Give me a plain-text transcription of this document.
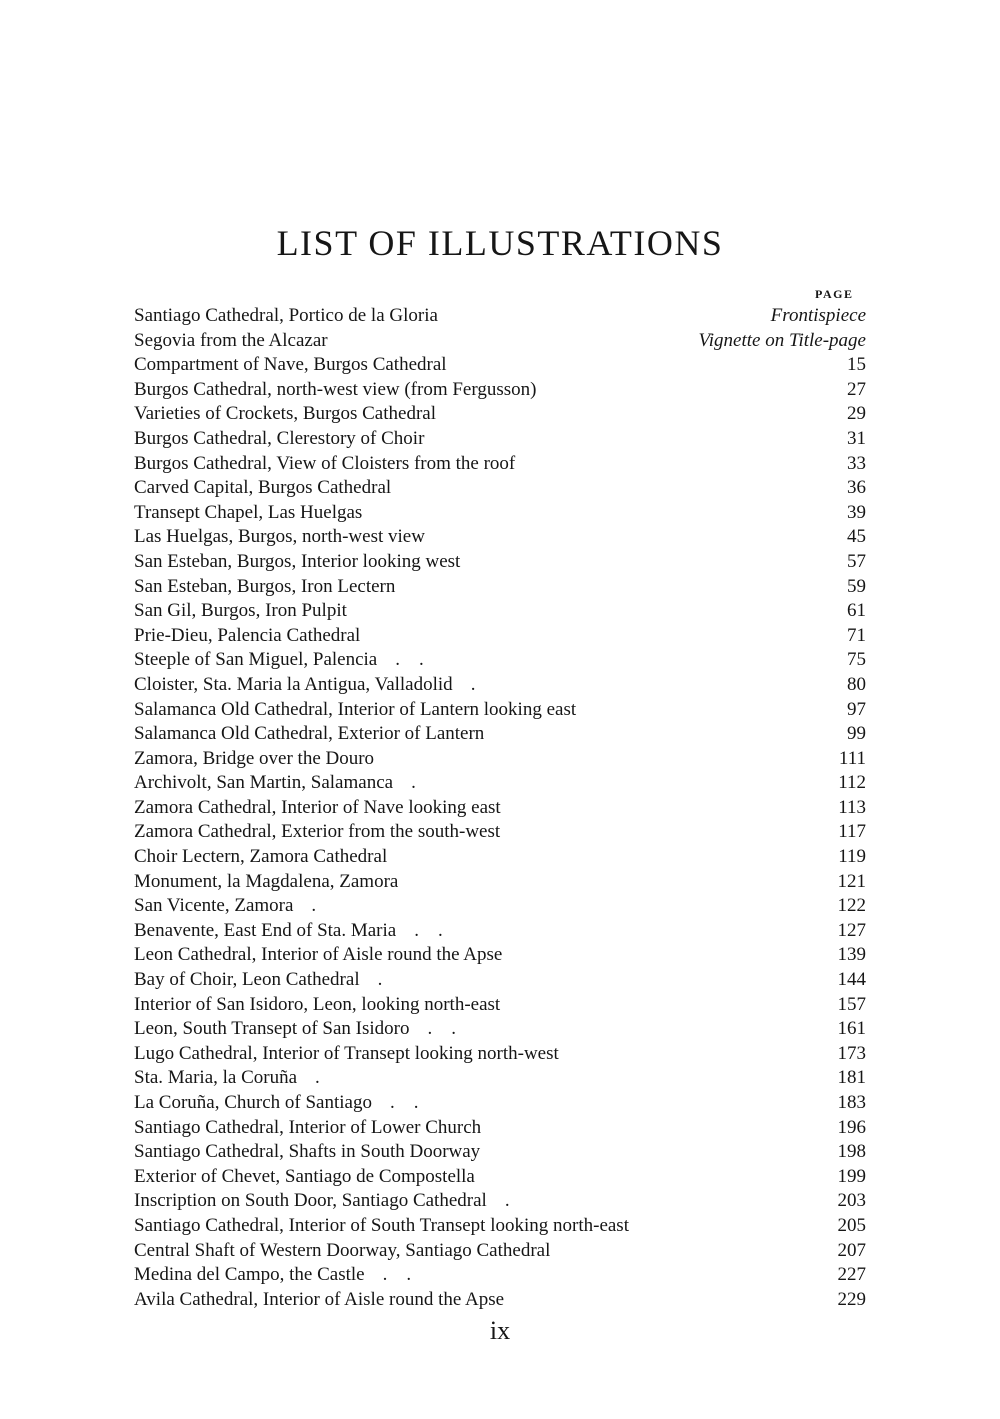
LIST OF ILLUSTRATIONS
PAGE
Santiago Cathedral, Portico de la Gloria	Frontispiece
Segovia from the Alcazar	Vignette on Title-page
Compartment of Nave, Burgos Cathedral	15
Burgos Cathedral, north-west view (from Fergusson)	27
Varieties of Crockets, Burgos Cathedral	29
Burgos Cathedral, Clerestory of Choir	31
Burgos Cathedral, View of Cloisters from the roof	33
Carved Capital, Burgos Cathedral	36
Transept Chapel, Las Huelgas	39
Las Huelgas, Burgos, north-west view	45
San Esteban, Burgos, Interior looking west	57
San Esteban, Burgos, Iron Lectern	59
San Gil, Burgos, Iron Pulpit	61
Prie-Dieu, Palencia Cathedral	71
Steeple of San Miguel, Palencia .    .	75
Cloister, Sta. Maria la Antigua, Valladolid .	80
Salamanca Old Cathedral, Interior of Lantern looking east	97
Salamanca Old Cathedral, Exterior of Lantern	99
Zamora, Bridge over the Douro	111
Archivolt, San Martin, Salamanca .	112
Zamora Cathedral, Interior of Nave looking east	113
Zamora Cathedral, Exterior from the south-west	117
Choir Lectern, Zamora Cathedral	119
Monument, la Magdalena, Zamora	121
San Vicente, Zamora .	122
Benavente, East End of Sta. Maria .    .	127
Leon Cathedral, Interior of Aisle round the Apse	139
Bay of Choir, Leon Cathedral .	144
Interior of San Isidoro, Leon, looking north-east	157
Leon, South Transept of San Isidoro .    .	161
Lugo Cathedral, Interior of Transept looking north-west	173
Sta. Maria, la Coruña .	181
La Coruña, Church of Santiago .    .	183
Santiago Cathedral, Interior of Lower Church	196
Santiago Cathedral, Shafts in South Doorway	198
Exterior of Chevet, Santiago de Compostella	199
Inscription on South Door, Santiago Cathedral .	203
Santiago Cathedral, Interior of South Transept looking north-east	205
Central Shaft of Western Doorway, Santiago Cathedral	207
Medina del Campo, the Castle .    .	227
Avila Cathedral, Interior of Aisle round the Apse	229
ix
